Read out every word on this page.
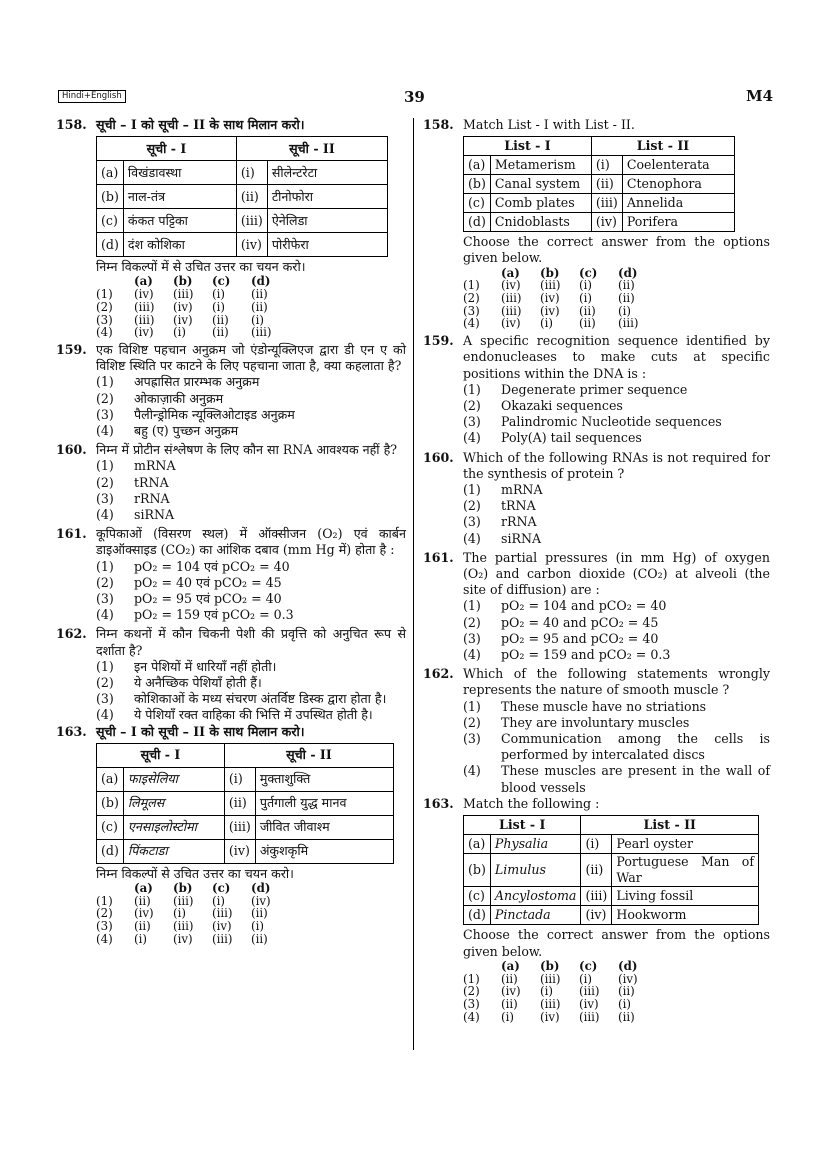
Hindi+English	39	M4
158. सूची – I को सूची – II के साथ मिलान करो।
सूची - I		सूची - II	
(a)	विखंडावस्था	(i)	सीलेन्टरेटा
(b)	नाल-तंत्र	(ii)	टीनोफोरा
(c)	कंकत पट्टिका	(iii)	ऐनेलिडा
(d)	दंश कोशिका	(iv)	पोरीफेरा
निम्न विकल्पों में से उचित उत्तर का चयन करो।
	(a)	(b)	(c)	(d)
(1)	(iv)	(iii)	(i)	(ii)
(2)	(iii)	(iv)	(i)	(ii)
(3)	(iii)	(iv)	(ii)	(i)
(4)	(iv)	(i)	(ii)	(iii)
159. एक विशिष्ट पहचान अनुक्रम जो एंडोन्यूक्लिएज द्वारा डी एन ए को विशिष्ट स्थिति पर काटने के लिए पहचाना जाता है, क्या कहलाता है?
(1)	अपह्रासित प्रारम्भक अनुक्रम
(2)	ओकाज़ाकी अनुक्रम
(3)	पैलीन्ड्रोमिक न्यूक्लिओटाइड अनुक्रम
(4)	बहु (ए) पुच्छन अनुक्रम
160. निम्न में प्रोटीन संश्लेषण के लिए कौन सा RNA आवश्यक नहीं है?
(1)	mRNA
(2)	tRNA
(3)	rRNA
(4)	siRNA
161. कूपिकाओं (विसरण स्थल) में ऑक्सीजन (O₂) एवं कार्बन डाइऑक्साइड (CO₂) का आंशिक दबाव (mm Hg में) होता है :
(1)	pO₂ = 104 एवं pCO₂ = 40
(2)	pO₂ = 40 एवं pCO₂ = 45
(3)	pO₂ = 95 एवं pCO₂ = 40
(4)	pO₂ = 159 एवं pCO₂ = 0.3
162. निम्न कथनों में कौन चिकनी पेशी की प्रवृत्ति को अनुचित रूप से दर्शाता है?
(1)	इन पेशियों में धारियाँ नहीं होती।
(2)	ये अनैच्छिक पेशियाँ होती हैं।
(3)	कोशिकाओं के मध्य संचरण अंतर्विष्ट डिस्क द्वारा होता है।
(4)	ये पेशियाँ रक्त वाहिका की भित्ति में उपस्थित होती है।
163. सूची – I को सूची – II के साथ मिलान करो।
सूची - I		सूची - II	
(a)	फाइसेलिया	(i)	मुक्ताशुक्ति
(b)	लिमूलस	(ii)	पुर्तगाली युद्ध मानव
(c)	एनसाइलोस्टोमा	(iii)	जीवित जीवाश्म
(d)	पिंकटाडा	(iv)	अंकुशकृमि
निम्न विकल्पों से उचित उत्तर का चयन करो।
	(a)	(b)	(c)	(d)
(1)	(ii)	(iii)	(i)	(iv)
(2)	(iv)	(i)	(iii)	(ii)
(3)	(ii)	(iii)	(iv)	(i)
(4)	(i)	(iv)	(iii)	(ii)
158. Match List - I with List - II.
List - I		List - II	
(a)	Metamerism	(i)	Coelenterata
(b)	Canal system	(ii)	Ctenophora
(c)	Comb plates	(iii)	Annelida
(d)	Cnidoblasts	(iv)	Porifera
Choose the correct answer from the options given below.
	(a)	(b)	(c)	(d)
(1)	(iv)	(iii)	(i)	(ii)
(2)	(iii)	(iv)	(i)	(ii)
(3)	(iii)	(iv)	(ii)	(i)
(4)	(iv)	(i)	(ii)	(iii)
159. A specific recognition sequence identified by endonucleases to make cuts at specific positions within the DNA is :
(1)	Degenerate primer sequence
(2)	Okazaki sequences
(3)	Palindromic Nucleotide sequences
(4)	Poly(A) tail sequences
160. Which of the following RNAs is not required for the synthesis of protein ?
(1)	mRNA
(2)	tRNA
(3)	rRNA
(4)	siRNA
161. The partial pressures (in mm Hg) of oxygen (O₂) and carbon dioxide (CO₂) at alveoli (the site of diffusion) are :
(1)	pO₂ = 104 and pCO₂ = 40
(2)	pO₂ = 40 and pCO₂ = 45
(3)	pO₂ = 95 and pCO₂ = 40
(4)	pO₂ = 159 and pCO₂ = 0.3
162. Which of the following statements wrongly represents the nature of smooth muscle ?
(1)	These muscle have no striations
(2)	They are involuntary muscles
(3)	Communication among the cells is performed by intercalated discs
(4)	These muscles are present in the wall of blood vessels
163. Match the following :
List - I		List - II	
(a)	Physalia	(i)	Pearl oyster
(b)	Limulus	(ii)	Portuguese Man of War
(c)	Ancylostoma	(iii)	Living fossil
(d)	Pinctada	(iv)	Hookworm
Choose the correct answer from the options given below.
	(a)	(b)	(c)	(d)
(1)	(ii)	(iii)	(i)	(iv)
(2)	(iv)	(i)	(iii)	(ii)
(3)	(ii)	(iii)	(iv)	(i)
(4)	(i)	(iv)	(iii)	(ii)
